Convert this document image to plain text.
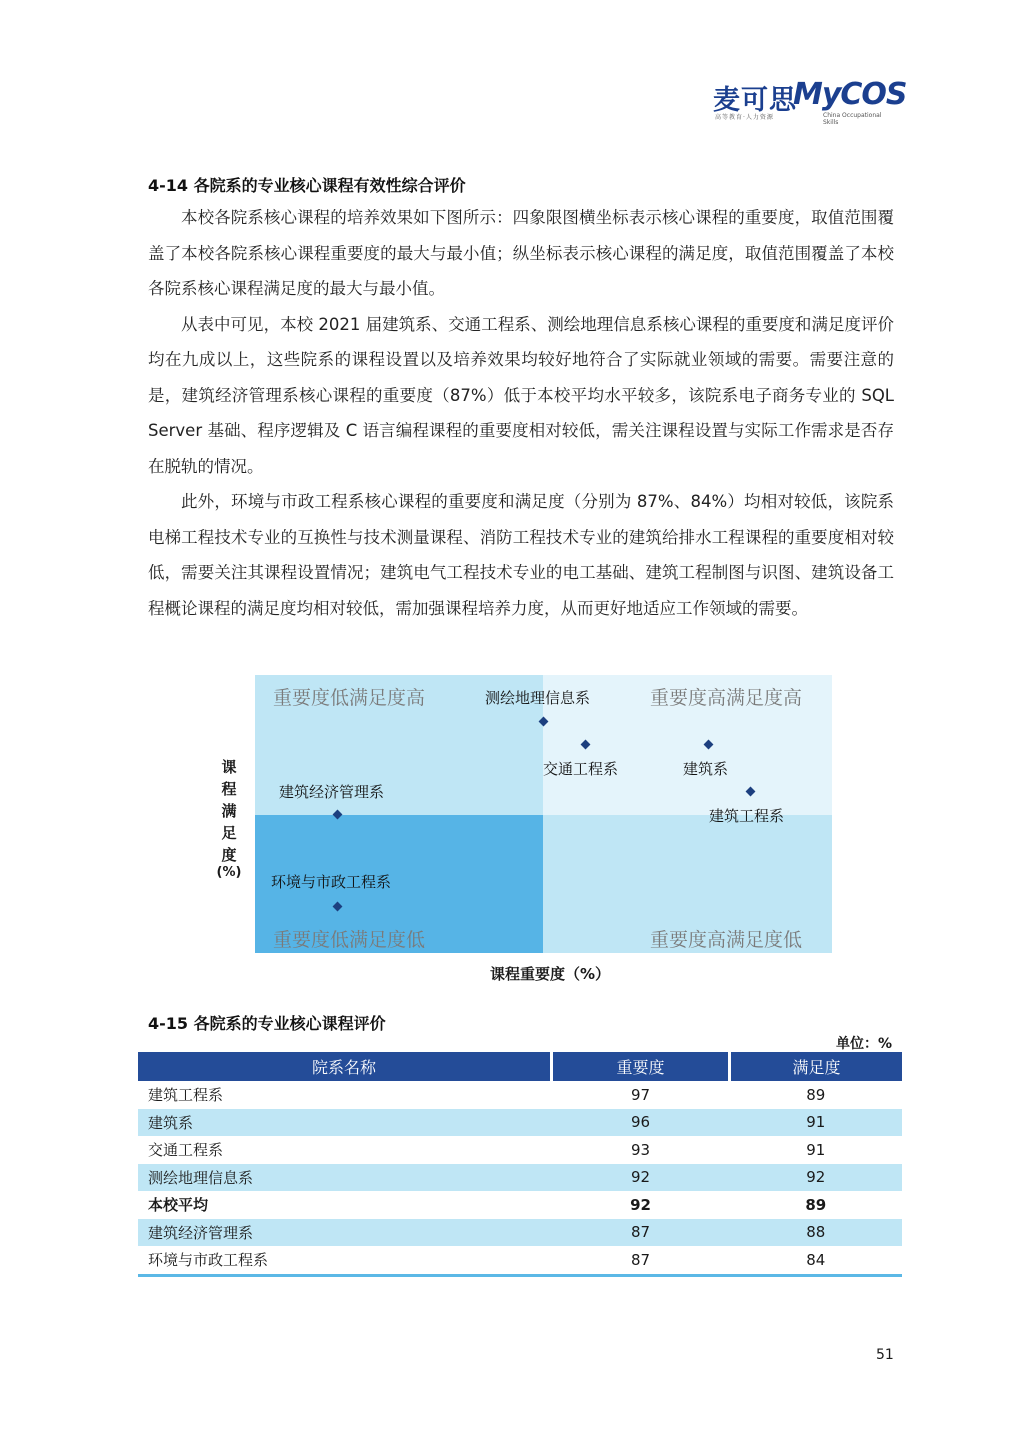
麦可思
MyCOS
高等教育·人力资源	China Occupational Skills
4-14 各院系的专业核心课程有效性综合评价

本校各院系核心课程的培养效果如下图所示：四象限图横坐标表示核心课程的重要度，取值范围覆盖了本校各院系核心课程重要度的最大与最小值；纵坐标表示核心课程的满足度，取值范围覆盖了本校各院系核心课程满足度的最大与最小值。

从表中可见，本校 2021 届建筑系、交通工程系、测绘地理信息系核心课程的重要度和满足度评价均在九成以上，这些院系的课程设置以及培养效果均较好地符合了实际就业领域的需要。需要注意的是，建筑经济管理系核心课程的重要度（87%）低于本校平均水平较多，该院系电子商务专业的 SQL Server 基础、程序逻辑及 C 语言编程课程的重要度相对较低，需关注课程设置与实际工作需求是否存在脱轨的情况。

此外，环境与市政工程系核心课程的重要度和满足度（分别为 87%、84%）均相对较低，该院系电梯工程技术专业的互换性与技术测量课程、消防工程技术专业的建筑给排水工程课程的重要度相对较低，需要关注其课程设置情况；建筑电气工程技术专业的电工基础、建筑工程制图与识图、建筑设备工程概论课程的满足度均相对较低，需加强课程培养力度，从而更好地适应工作领域的需要。

课
程
满
足
度
(%)
重要度低满足度高	重要度高满足度高
重要度低满足度低	重要度高满足度低
建筑工程系
建筑系
交通工程系
测绘地理信息系
建筑经济管理系
环境与市政工程系
课程重要度（%）
4-15 各院系的专业核心课程评价
单位：%
院系名称	重要度	满足度
建筑工程系	97	89
建筑系	96	91
交通工程系	93	91
测绘地理信息系	92	92
本校平均	92	89
建筑经济管理系	87	88
环境与市政工程系	87	84
51
